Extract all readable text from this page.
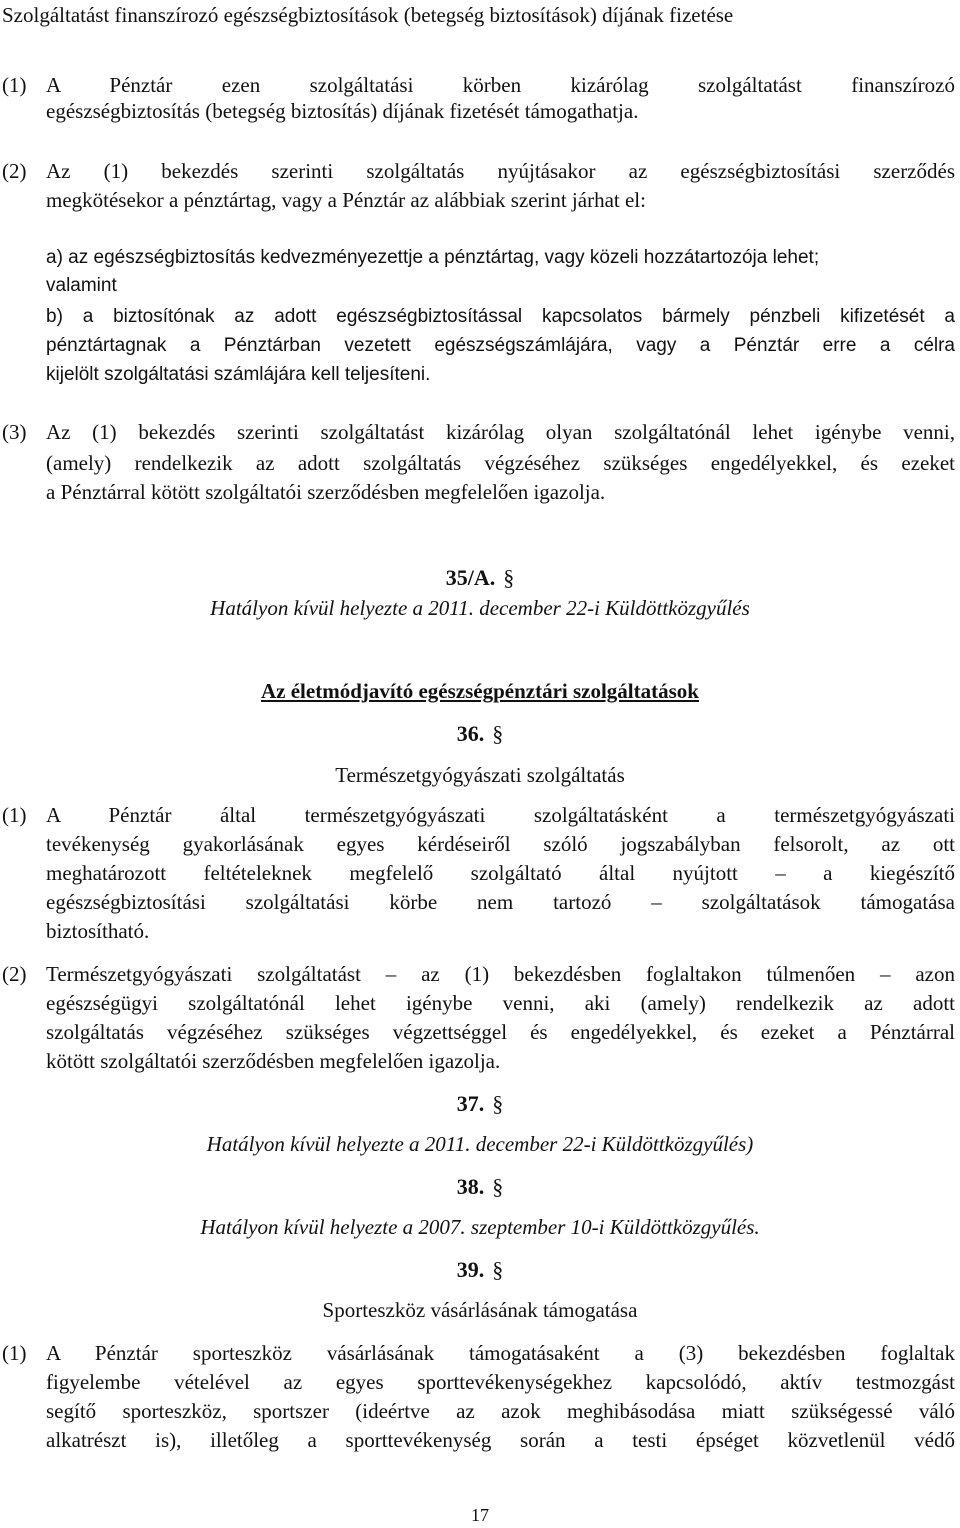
Szolgáltatást finanszírozó egészségbiztosítások (betegség biztosítások) díjának fizetése
(1) A Pénztár ezen szolgáltatási körben kizárólag szolgáltatást finanszírozó
egészségbiztosítás (betegség biztosítás) díjának fizetését támogathatja.
(2) Az (1) bekezdés szerinti szolgáltatás nyújtásakor az egészségbiztosítási szerződés
megkötésekor a pénztártag, vagy a Pénztár az alábbiak szerint járhat el:
a) az egészségbiztosítás kedvezményezettje a pénztártag, vagy közeli hozzátartozója lehet;
valamint
b) a biztosítónak az adott egészségbiztosítással kapcsolatos bármely pénzbeli kifizetését a
pénztártagnak a Pénztárban vezetett egészségszámlájára, vagy a Pénztár erre a célra
kijelölt szolgáltatási számlájára kell teljesíteni.
(3) Az (1) bekezdés szerinti szolgáltatást kizárólag olyan szolgáltatónál lehet igénybe venni,
(amely) rendelkezik az adott szolgáltatás végzéséhez szükséges engedélyekkel, és ezeket
a Pénztárral kötött szolgáltatói szerződésben megfelelően igazolja.
35/A. §
Hatályon kívül helyezte a 2011. december 22-i Küldöttközgyűlés
Az életmódjavító egészségpénztári szolgáltatások
36. §
Természetgyógyászati szolgáltatás
(1) A Pénztár által természetgyógyászati szolgáltatásként a természetgyógyászati
tevékenység gyakorlásának egyes kérdéseiről szóló jogszabályban felsorolt, az ott
meghatározott feltételeknek megfelelő szolgáltató által nyújtott – a kiegészítő
egészségbiztosítási szolgáltatási körbe nem tartozó – szolgáltatások támogatása
biztosítható.
(2) Természetgyógyászati szolgáltatást – az (1) bekezdésben foglaltakon túlmenően – azon
egészségügyi szolgáltatónál lehet igénybe venni, aki (amely) rendelkezik az adott
szolgáltatás végzéséhez szükséges végzettséggel és engedélyekkel, és ezeket a Pénztárral
kötött szolgáltatói szerződésben megfelelően igazolja.
37. §
Hatályon kívül helyezte a 2011. december 22-i Küldöttközgyűlés)
38. §
Hatályon kívül helyezte a 2007. szeptember 10-i Küldöttközgyűlés.
39. §
Sporteszköz vásárlásának támogatása
(1) A Pénztár sporteszköz vásárlásának támogatásaként a (3) bekezdésben foglaltak
figyelembe vételével az egyes sporttevékenységekhez kapcsolódó, aktív testmozgást
segítő sporteszköz, sportszer (ideértve az azok meghibásodása miatt szükségessé váló
alkatrészt is), illetőleg a sporttevékenység során a testi épséget közvetlenül védő
17
